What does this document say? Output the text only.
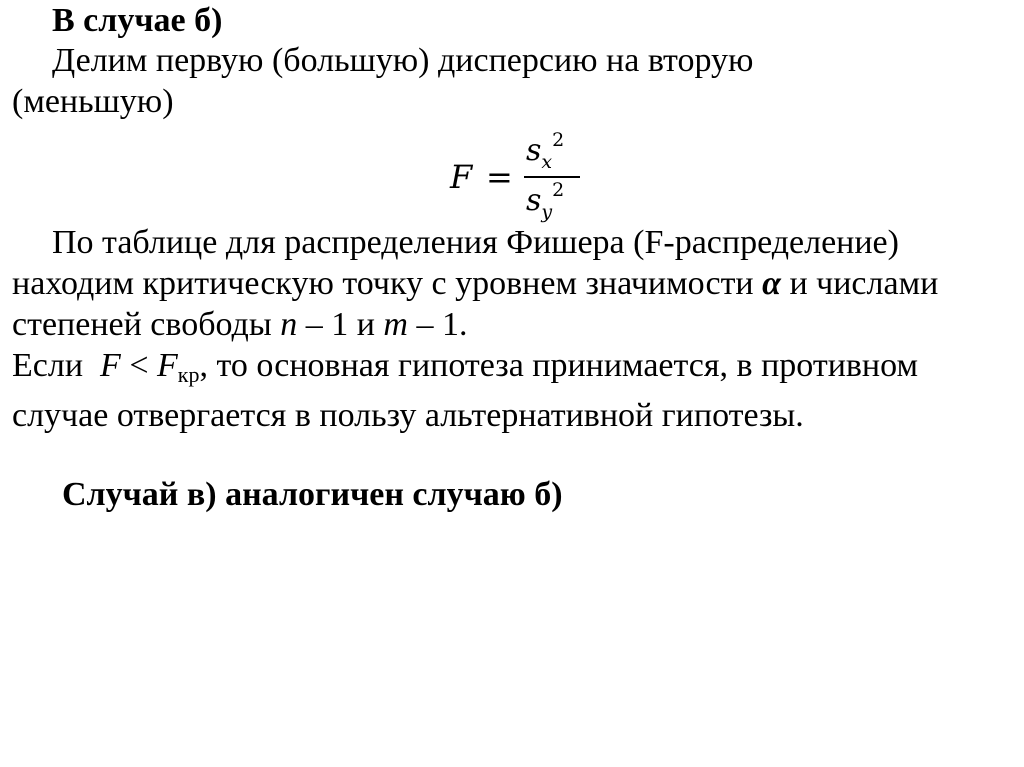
В случае б)
Делим первую (большую) дисперсию на вторую
(меньшую)
F =
$s_x^2$
$s_y^2$
По таблице для распределения Фишера (F-распределение) находим критическую точку с уровнем значимости α и числами степеней свободы n – 1 и m – 1.
Если F < Fкр, то основная гипотеза принимается, в противном случае отвергается в пользу альтернативной гипотезы.
Случай в) аналогичен случаю б)
